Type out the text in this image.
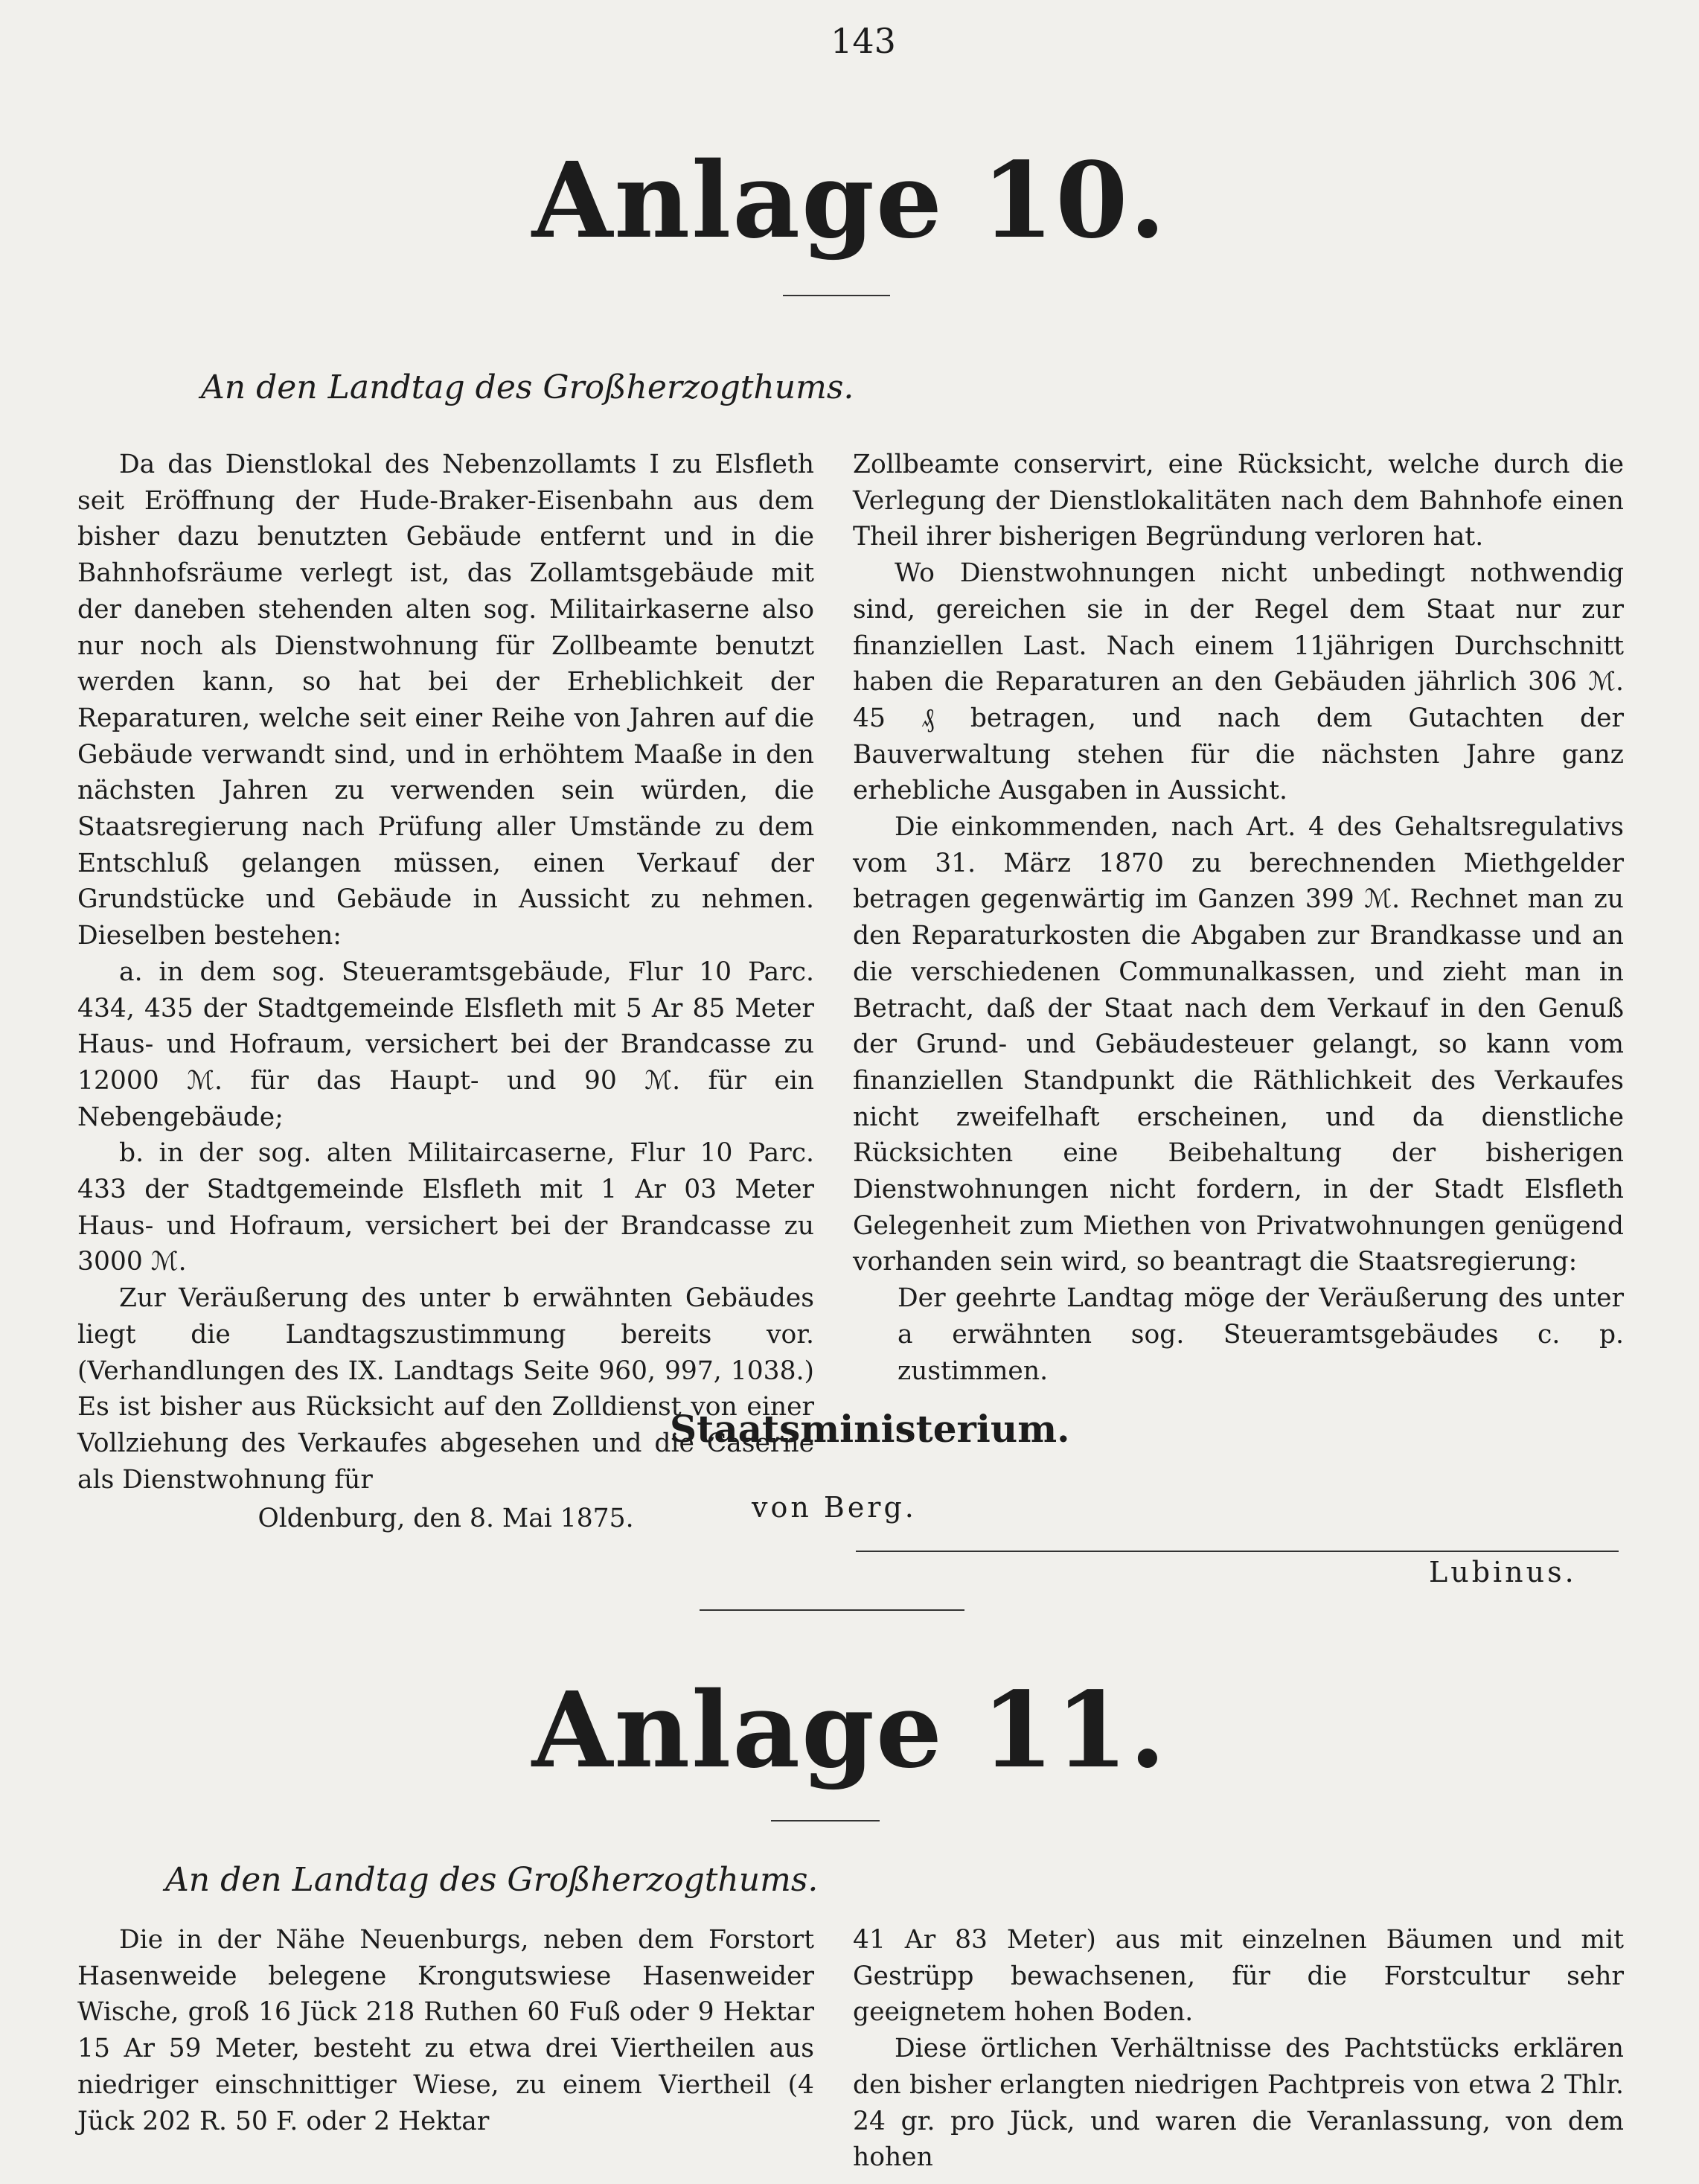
143
Anlage 10.
An den Landtag des Großherzogthums.

Da das Dienstlokal des Nebenzollamts I zu Elsfleth seit Eröffnung der Hude-Braker-Eisenbahn aus dem bisher dazu benutzten Gebäude entfernt und in die Bahnhofsräume verlegt ist, das Zollamtsgebäude mit der daneben stehenden alten sog. Militairkaserne also nur noch als Dienstwohnung für Zollbeamte benutzt werden kann, so hat bei der Erheblichkeit der Reparaturen, welche seit einer Reihe von Jahren auf die Gebäude verwandt sind, und in erhöhtem Maaße in den nächsten Jahren zu verwenden sein würden, die Staatsregierung nach Prüfung aller Umstände zu dem Entschluß gelangen müssen, einen Verkauf der Grundstücke und Gebäude in Aussicht zu nehmen. Dieselben bestehen:

a. in dem sog. Steueramtsgebäude, Flur 10 Parc. 434, 435 der Stadtgemeinde Elsfleth mit 5 Ar 85 Meter Haus- und Hofraum, versichert bei der Brandcasse zu 12000 ℳ. für das Haupt- und 90 ℳ. für ein Nebengebäude;

b. in der sog. alten Militaircaserne, Flur 10 Parc. 433 der Stadtgemeinde Elsfleth mit 1 Ar 03 Meter Haus- und Hofraum, versichert bei der Brandcasse zu 3000 ℳ.

Zur Veräußerung des unter b erwähnten Gebäudes liegt die Landtagszustimmung bereits vor. (Verhandlungen des IX. Landtags Seite 960, 997, 1038.) Es ist bisher aus Rücksicht auf den Zolldienst von einer Vollziehung des Verkaufes abgesehen und die Caserne als Dienstwohnung für

Oldenburg, den 8. Mai 1875.

Zollbeamte conservirt, eine Rücksicht, welche durch die Verlegung der Dienstlokalitäten nach dem Bahnhofe einen Theil ihrer bisherigen Begründung verloren hat.

Wo Dienstwohnungen nicht unbedingt nothwendig sind, gereichen sie in der Regel dem Staat nur zur finanziellen Last. Nach einem 11jährigen Durchschnitt haben die Reparaturen an den Gebäuden jährlich 306 ℳ. 45 ₰ betragen, und nach dem Gutachten der Bauverwaltung stehen für die nächsten Jahre ganz erhebliche Ausgaben in Aussicht.

Die einkommenden, nach Art. 4 des Gehaltsregulativs vom 31. März 1870 zu berechnenden Miethgelder betragen gegenwärtig im Ganzen 399 ℳ. Rechnet man zu den Reparaturkosten die Abgaben zur Brandkasse und an die verschiedenen Communalkassen, und zieht man in Betracht, daß der Staat nach dem Verkauf in den Genuß der Grund- und Gebäudesteuer gelangt, so kann vom finanziellen Standpunkt die Räthlichkeit des Verkaufes nicht zweifelhaft erscheinen, und da dienstliche Rücksichten eine Beibehaltung der bisherigen Dienstwohnungen nicht fordern, in der Stadt Elsfleth Gelegenheit zum Miethen von Privatwohnungen genügend vorhanden sein wird, so beantragt die Staatsregierung:

Der geehrte Landtag möge der Veräußerung des unter a erwähnten sog. Steueramtsgebäudes c. p. zustimmen.

Staatsministerium.
von Berg.
Lubinus.
Anlage 11.
An den Landtag des Großherzogthums.

Die in der Nähe Neuenburgs, neben dem Forstort Hasenweide belegene Krongutswiese Hasenweider Wische, groß 16 Jück 218 Ruthen 60 Fuß oder 9 Hektar 15 Ar 59 Meter, besteht zu etwa drei Viertheilen aus niedriger einschnittiger Wiese, zu einem Viertheil (4 Jück 202 R. 50 F. oder 2 Hektar

41 Ar 83 Meter) aus mit einzelnen Bäumen und mit Gestrüpp bewachsenen, für die Forstcultur sehr geeignetem hohen Boden.

Diese örtlichen Verhältnisse des Pachtstücks erklären den bisher erlangten niedrigen Pachtpreis von etwa 2 Thlr. 24 gr. pro Jück, und waren die Veranlassung, von dem hohen
